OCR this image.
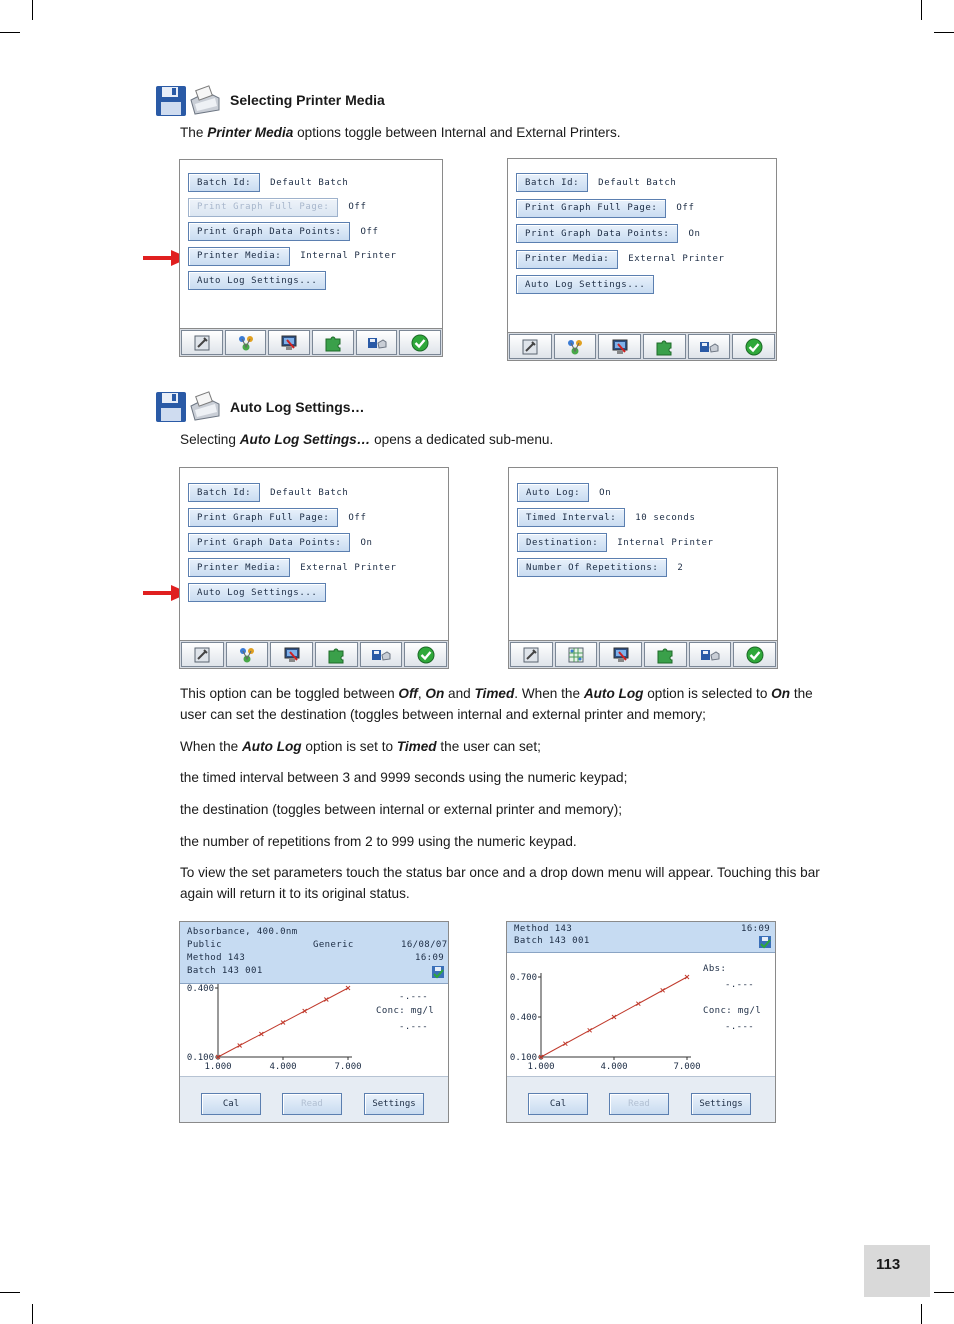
Selecting Printer Media
The Printer Media options toggle between Internal and External Printers.
Batch Id:	Default Batch
Print Graph Full Page:	Off
Print Graph Data Points:	Off
Printer Media:	Internal Printer
Auto Log Settings...
Batch Id:	Default Batch
Print Graph Full Page:	Off
Print Graph Data Points:	On
Printer Media:	External Printer
Auto Log Settings...
Auto Log Settings…
Selecting Auto Log Settings… opens a dedicated sub-menu.
Batch Id:	Default Batch
Print Graph Full Page:	Off
Print Graph Data Points:	On
Printer Media:	External Printer
Auto Log Settings...
Auto Log:	On
Timed Interval:	10 seconds
Destination:	Internal Printer
Number Of Repetitions:	2
This option can be toggled between Off, On and Timed. When the Auto Log option is selected to On the user can set the destination (toggles between internal and external printer and memory;
When the Auto Log option is set to Timed the user can set;
the timed interval between 3 and 9999 seconds using the numeric keypad;
the destination (toggles between internal or external printer and memory);
the number of repetitions from 2 to 999 using the numeric keypad.
To view the set parameters touch the status bar once and a drop down menu will appear. Touching this bar again will return it to its original status.
Absorbance, 400.0nm
Public	Generic	16/08/07
Method 143	16:09
Batch 143 001
0.100
0.400
1.000	4.000	7.000
-.---
Conc: mg/l
-.---
Cal	Read	Settings
Method 143	16:09
Batch 143 001
0.100
0.400
0.700
1.000	4.000	7.000
Abs:
-.---
Conc: mg/l
-.---
Cal	Read	Settings
113
